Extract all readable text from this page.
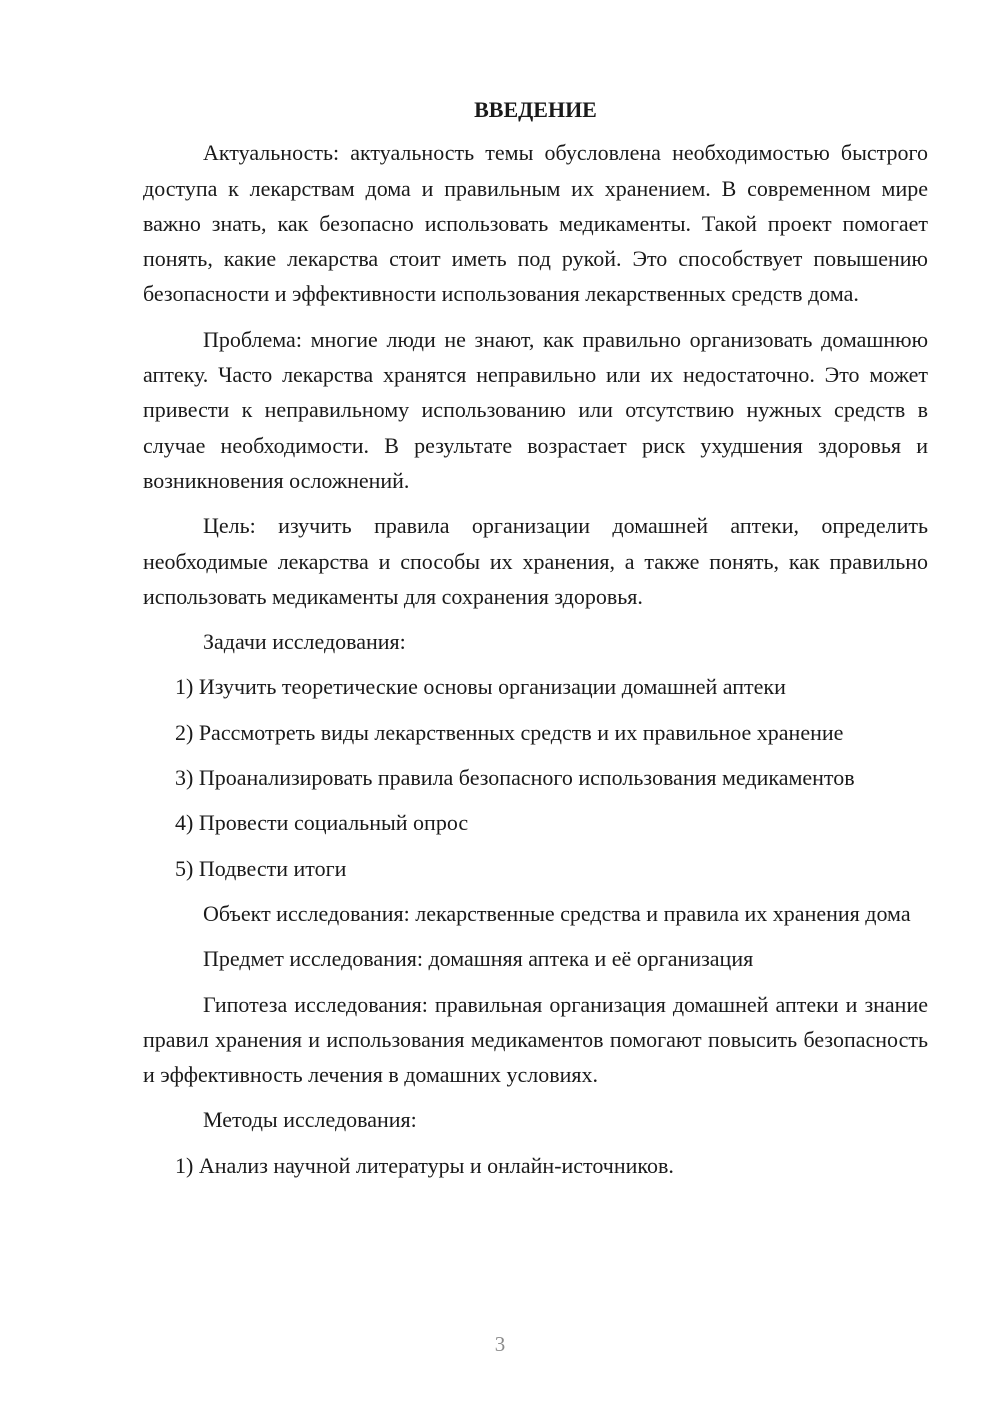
ВВЕДЕНИЕ

Актуальность: актуальность темы обусловлена необходимостью быстрого доступа к лекарствам дома и правильным их хранением. В современном мире важно знать, как безопасно использовать медикаменты. Такой проект помогает понять, какие лекарства стоит иметь под рукой. Это способствует повышению безопасности и эффективности использования лекарственных средств дома.

Проблема: многие люди не знают, как правильно организовать домашнюю аптеку. Часто лекарства хранятся неправильно или их недостаточно. Это может привести к неправильному использованию или отсутствию нужных средств в случае необходимости. В результате возрастает риск ухудшения здоровья и возникновения осложнений.

Цель: изучить правила организации домашней аптеки, определить необходимые лекарства и способы их хранения, а также понять, как правильно использовать медикаменты для сохранения здоровья.

Задачи исследования:

1) Изучить теоретические основы организации домашней аптеки

2) Рассмотреть виды лекарственных средств и их правильное хранение

3) Проанализировать правила безопасного использования медикаментов

4) Провести социальный опрос

5) Подвести итоги

Объект исследования: лекарственные средства и правила их хранения дома

Предмет исследования: домашняя аптека и её организация

Гипотеза исследования: правильная организация домашней аптеки и знание правил хранения и использования медикаментов помогают повысить безопасность и эффективность лечения в домашних условиях.

Методы исследования:

1) Анализ научной литературы и онлайн-источников.

3
